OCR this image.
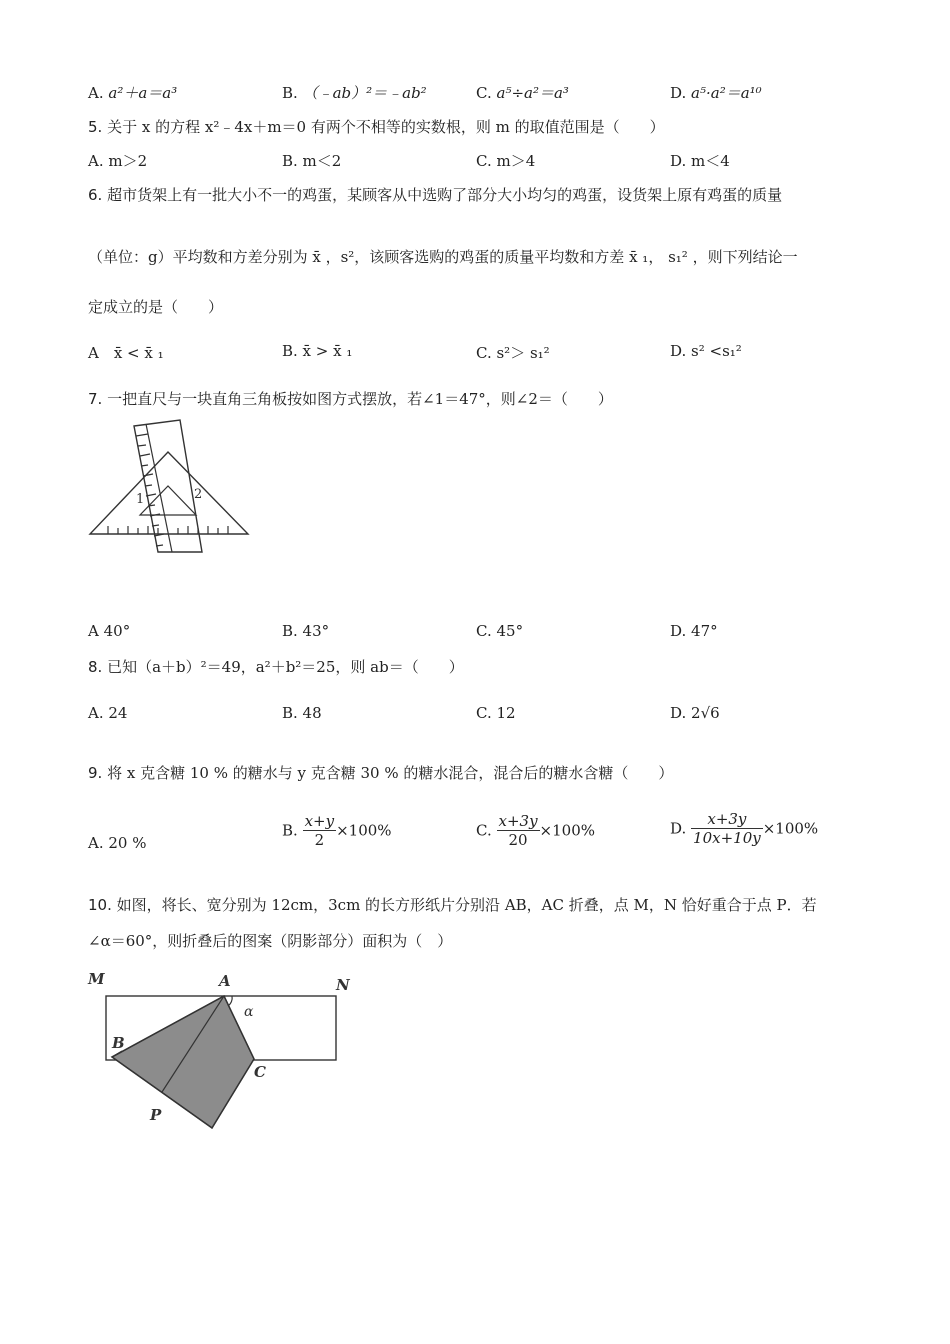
A. a²＋a＝a³	B. （﹣ab）²＝﹣ab²	C. a⁵÷a²＝a³	D. a⁵·a²＝a¹⁰
5. 关于 x 的方程 x²﹣4x＋m＝0 有两个不相等的实数根，则 m 的取值范围是（　　）
A. m＞2	B. m＜2	C. m＞4	D. m＜4
6. 超市货架上有一批大小不一的鸡蛋，某顾客从中选购了部分大小均匀的鸡蛋，设货架上原有鸡蛋的质量
（单位：g）平均数和方差分别为 x̄ ，s²，该顾客选购的鸡蛋的质量平均数和方差 x̄ ₁， s₁² ，则下列结论一
定成立的是（　　）
A　x̄ < x̄ ₁	B. x̄ > x̄ ₁	C. s²＞ s₁²	D. s² <s₁²
7. 一把直尺与一块直角三角板按如图方式摆放，若∠1＝47°，则∠2＝（　　）
1	2
A 40°	B. 43°	C. 45°	D. 47°
8. 已知（a＋b）²＝49，a²＋b²＝25，则 ab＝（　　）
A. 24	B. 48	C. 12	D. 2√6
9. 将 x 克含糖 10 % 的糖水与 y 克含糖 30 % 的糖水混合，混合后的糖水含糖（　　）
A. 20 %
B. $\frac{x+y}{2} \times 100\%$	C. $\frac{x+3y}{20} \times 100\%$	D. $\frac{x+3y}{10x+10y} \times 100\%$
10. 如图，将长、宽分别为 12cm，3cm 的长方形纸片分别沿 AB，AC 折叠，点 M，N 恰好重合于点 P．若
∠α＝60°，则折叠后的图案（阴影部分）面积为（　）
M	A	N
α
B
C
P
